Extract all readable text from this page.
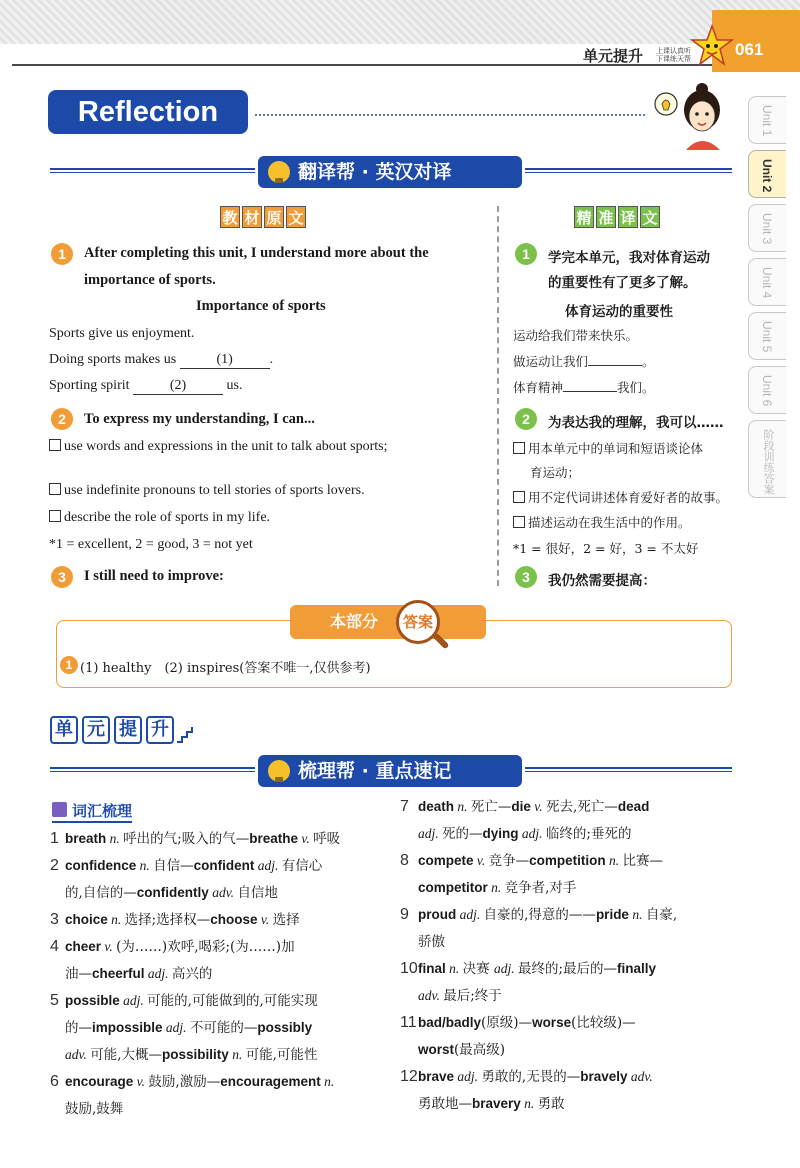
单元提升 上课认真听
下课练天帮	061
Unit 1
Unit 2
Unit 3
Unit 4
Unit 5
Unit 6
阶段训练答案
Reflection
翻译帮 · 英汉对译
教 材 原 文	精 准 译 文
1	After completing this unit, I understand more about the
importance of sports.
Importance of sports
Sports give us enjoyment.
Doing sports makes us	(1)	.
Sporting spirit	(2)	us.
2	To express my understanding, I can...
use words and expressions in the unit to talk about sports;
use indefinite pronouns to tell stories of sports lovers.
describe the role of sports in my life.
*1 = excellent, 2 = good, 3 = not yet
3	I still need to improve:
1	学完本单元，我对体育运动
的重要性有了更多了解。
体育运动的重要性
运动给我们带来快乐。
做运动让我们	。
体育精神	我们。
2	为表达我的理解，我可以……
用本单元中的单词和短语谈论体
育运动；
用不定代词讲述体育爱好者的故事。
描述运动在我生活中的作用。
*1 = 很好，2 = 好，3 = 不太好
3	我仍然需要提高：
本部分	答案
1 (1) healthy　(2) inspires(答案不唯一,仅供参考)
单 元 提 升
梳理帮 · 重点速记
词汇梳理
1 breath n. 呼出的气;吸入的气—breathe v. 呼吸
2 confidence n. 自信—confident adj. 有信心
的,自信的—confidently adv. 自信地
3 choice n. 选择;选择权—choose v. 选择
4 cheer v. (为……)欢呼,喝彩;(为……)加
油—cheerful adj. 高兴的
5 possible adj. 可能的,可能做到的,可能实现
的—impossible adj. 不可能的—possibly
adv. 可能,大概—possibility n. 可能,可能性
6 encourage v. 鼓励,激励—encouragement n.
鼓励,鼓舞
7 death n. 死亡—die v. 死去,死亡—dead
adj. 死的—dying adj. 临终的;垂死的
8 compete v. 竞争—competition n. 比赛—
competitor n. 竞争者,对手
9 proud adj. 自豪的,得意的——pride n. 自豪,
骄傲
10 final n. 决赛 adj. 最终的;最后的—finally
adv. 最后;终于
11 bad/badly(原级)—worse(比较级)—
worst(最高级)
12 brave adj. 勇敢的,无畏的—bravely adv.
勇敢地—bravery n. 勇敢
